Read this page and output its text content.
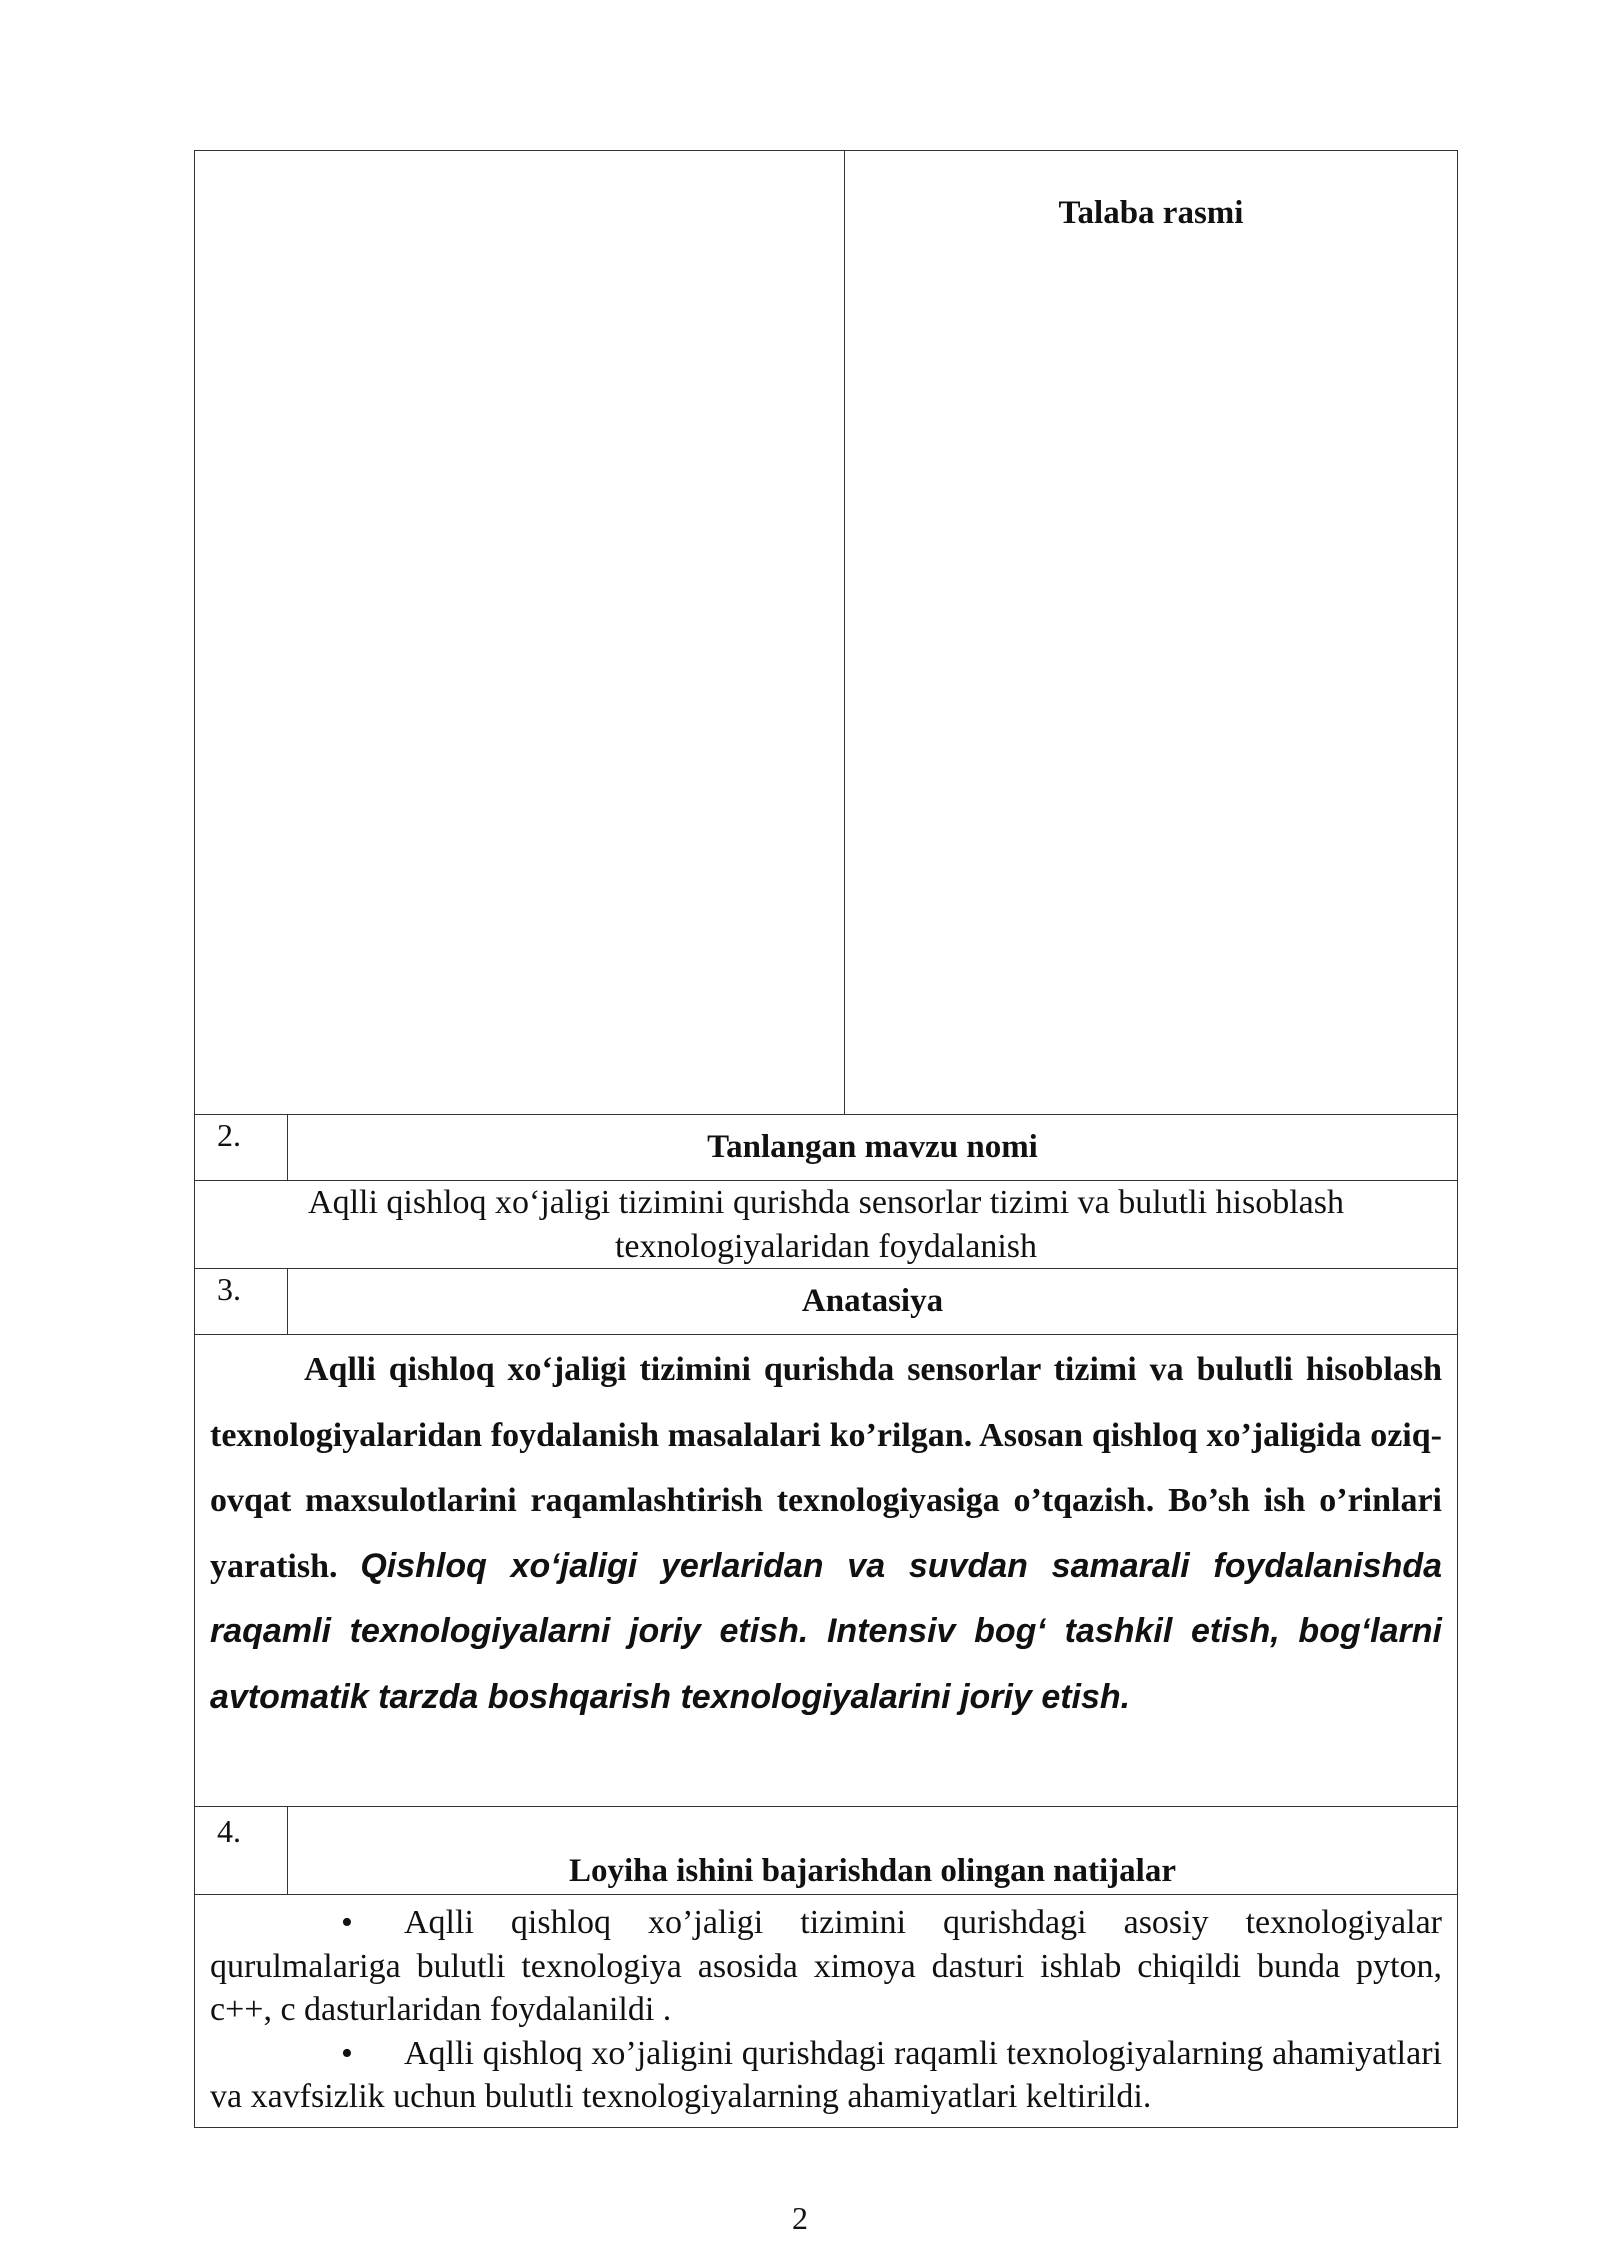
Talaba rasmi
2.	Tanlangan mavzu nomi
Aqlli qishloq xo‘jaligi tizimini qurishda sensorlar tizimi va bulutli hisoblash texnologiyalaridan foydalanish
3.	Anatasiya
Aqlli qishloq xo‘jaligi tizimini qurishda sensorlar tizimi va bulutli hisoblash texnologiyalaridan foydalanish masalalari ko’rilgan. Asosan qishloq xo’jaligida oziq-ovqat maxsulotlarini raqamlashtirish texnologiyasiga o’tqazish. Bo’sh ish o’rinlari yaratish. Qishloq xo‘jaligi yerlaridan va suvdan samarali foydalanishda raqamli texnologiyalarni joriy etish. Intensiv bog‘ tashkil etish, bog‘larni avtomatik tarzda boshqarish texnologiyalarini joriy etish.
4.
Loyiha ishini bajarishdan olingan natijalar
• Aqlli qishloq xo’jaligi tizimini qurishdagi asosiy texnologiyalar qurulmalariga bulutli texnologiya asosida ximoya dasturi ishlab chiqildi bunda pyton, c++, c dasturlaridan foydalanildi .
• Aqlli qishloq xo’jaligini qurishdagi raqamli texnologiyalarning ahamiyatlari va xavfsizlik uchun bulutli texnologiyalarning ahamiyatlari keltirildi.
2
